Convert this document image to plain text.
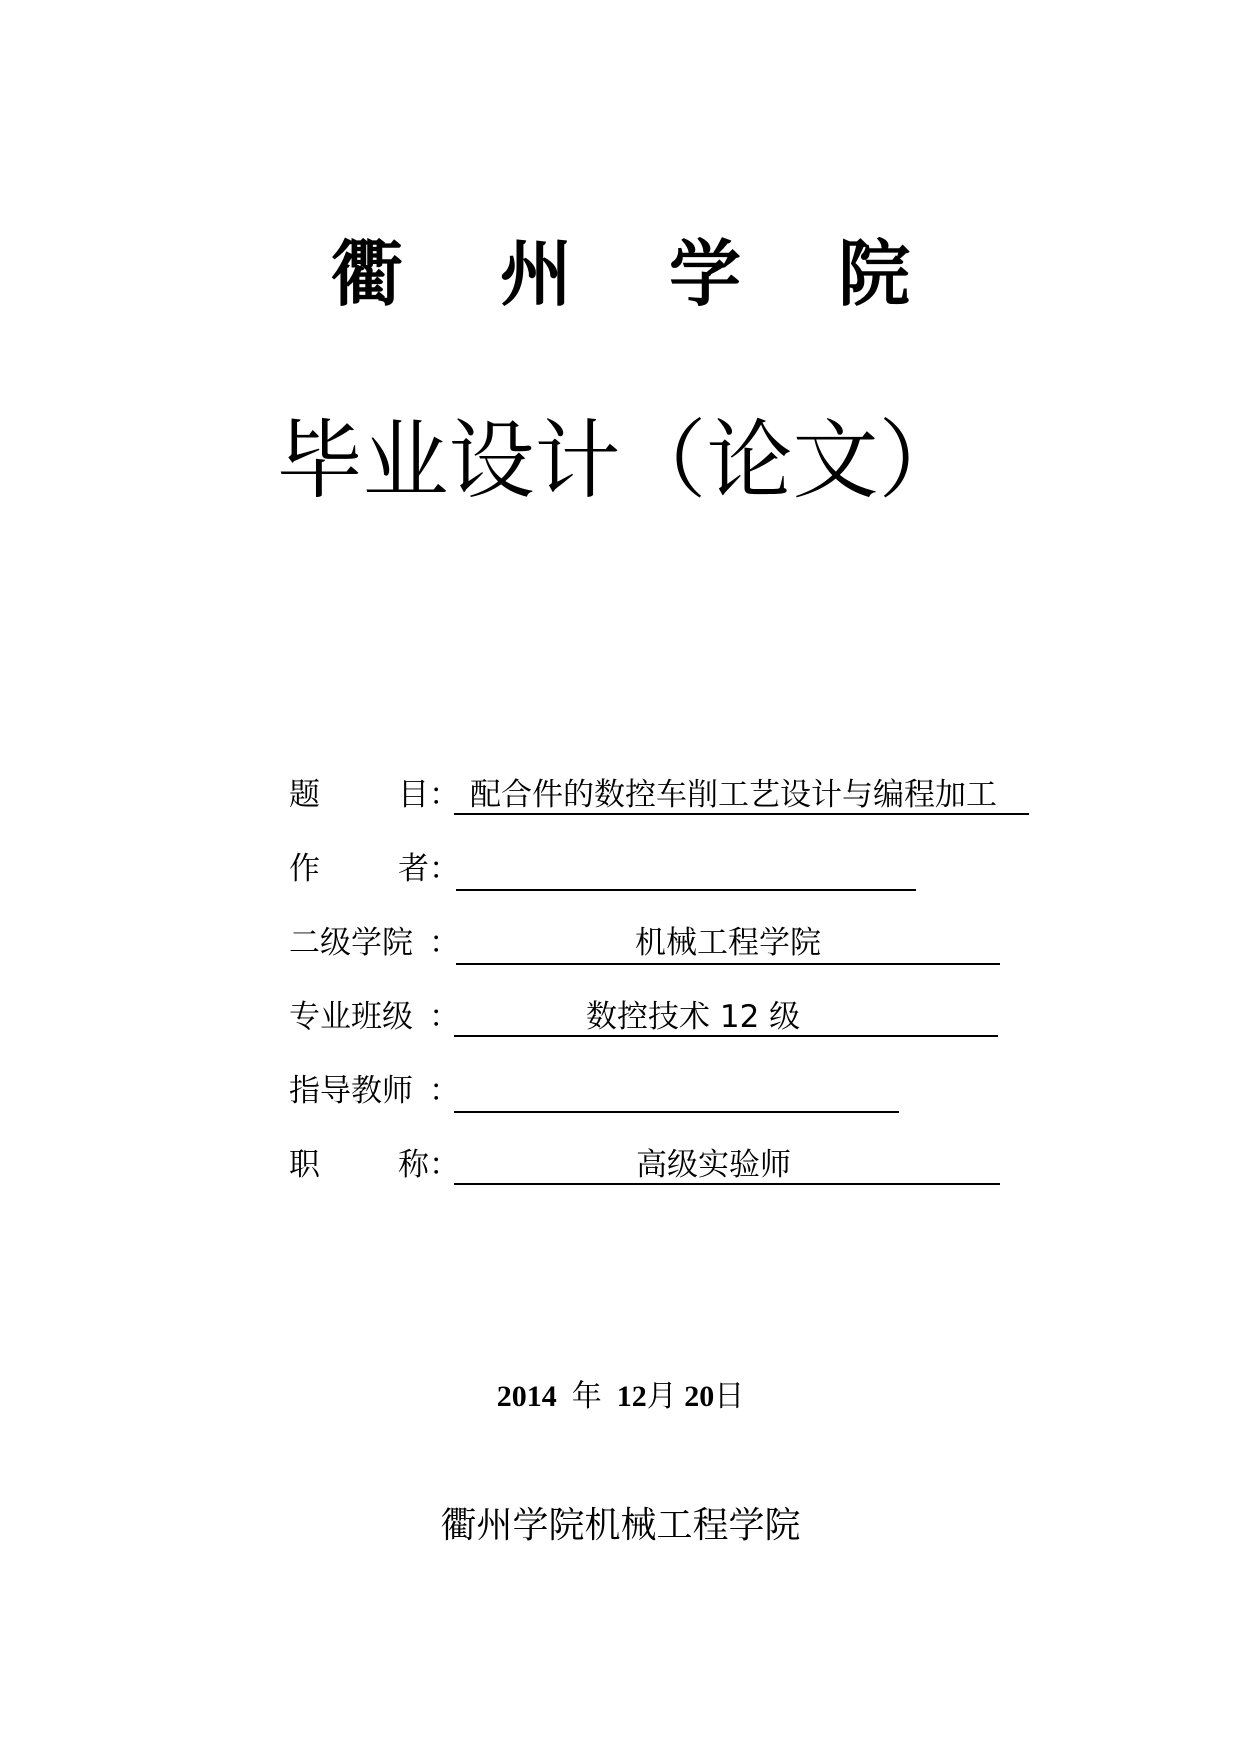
衢 州 学 院
毕业设计（论文）
题	目 ： 配合件的数控车削工艺设计与编程加工
作	者 ：
二级学院 ：	机械工程学院
专业班级 ：	数控技术 12 级
指导教师 ：
职	称 ：	高级实验师
2014 年 12月 20日
衢州学院机械工程学院
